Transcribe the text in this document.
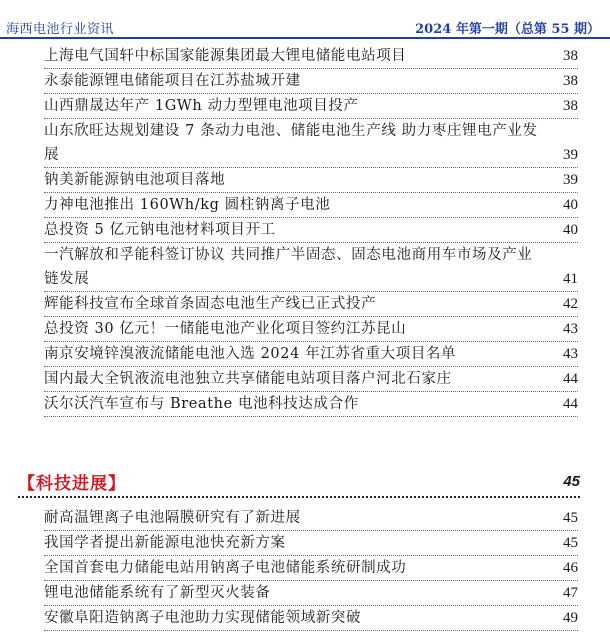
海西电池行业资讯	2024 年第一期（总第 55 期）
上海电气国轩中标国家能源集团最大锂电储能电站项目	38
永泰能源锂电储能项目在江苏盐城开建	38
山西鼎晟达年产 1GWh 动力型锂电池项目投产	38
山东欣旺达规划建设 7 条动力电池、储能电池生产线 助力枣庄锂电产业发
展	39
钠美新能源钠电池项目落地	39
力神电池推出 160Wh/kg 圆柱钠离子电池	40
总投资 5 亿元钠电池材料项目开工	40
一汽解放和孚能科签订协议 共同推广半固态、固态电池商用车市场及产业
链发展	41
辉能科技宣布全球首条固态电池生产线已正式投产	42
总投资 30 亿元！一储能电池产业化项目签约江苏昆山	43
南京安境锌溴液流储能电池入选 2024 年江苏省重大项目名单	43
国内最大全钒液流电池独立共享储能电站项目落户河北石家庄	44
沃尔沃汽车宣布与 Breathe 电池科技达成合作	44
【科技进展】	45
耐高温锂离子电池隔膜研究有了新进展	45
我国学者提出新能源电池快充新方案	45
全国首套电力储能电站用钠离子电池储能系统研制成功	46
锂电池储能系统有了新型灭火装备	47
安徽阜阳造钠离子电池助力实现储能领域新突破	49
